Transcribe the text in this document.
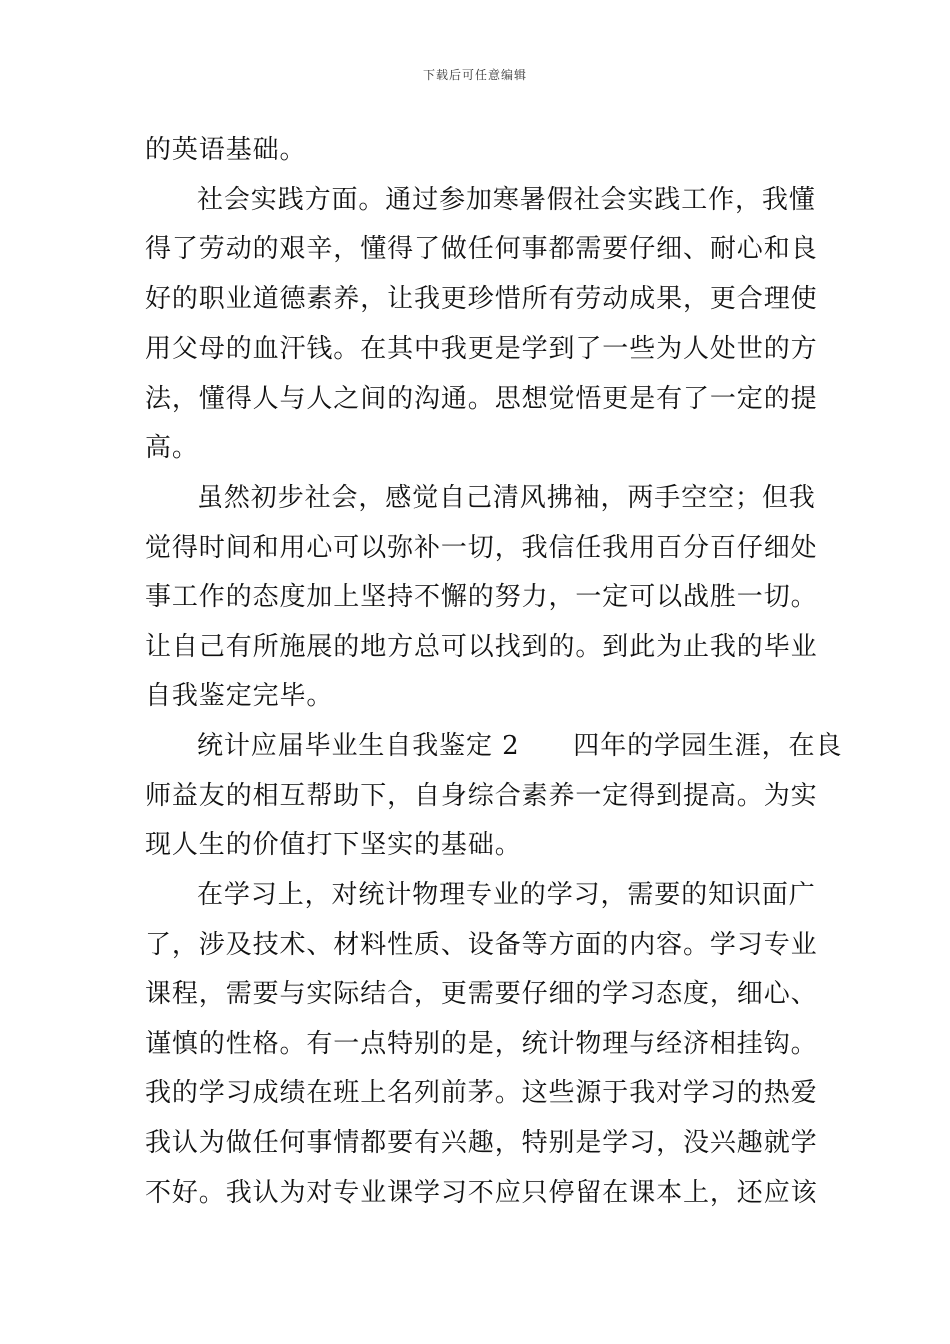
下载后可任意编辑
的英语基础。
社会实践方面。通过参加寒暑假社会实践工作，我懂
得了劳动的艰辛，懂得了做任何事都需要仔细、耐心和良
好的职业道德素养，让我更珍惜所有劳动成果，更合理使
用父母的血汗钱。在其中我更是学到了一些为人处世的方
法，懂得人与人之间的沟通。思想觉悟更是有了一定的提
高。
虽然初步社会，感觉自己清风拂袖，两手空空；但我
觉得时间和用心可以弥补一切，我信任我用百分百仔细处
事工作的态度加上坚持不懈的努力，一定可以战胜一切。
让自己有所施展的地方总可以找到的。到此为止我的毕业
自我鉴定完毕。
统计应届毕业生自我鉴定 2　　四年的学园生涯，在良
师益友的相互帮助下，自身综合素养一定得到提高。为实
现人生的价值打下坚实的基础。
在学习上，对统计物理专业的学习，需要的知识面广
了，涉及技术、材料性质、设备等方面的内容。学习专业
课程，需要与实际结合，更需要仔细的学习态度，细心、
谨慎的性格。有一点特别的是，统计物理与经济相挂钩。
我的学习成绩在班上名列前茅。这些源于我对学习的热爱
我认为做任何事情都要有兴趣，特别是学习，没兴趣就学
不好。我认为对专业课学习不应只停留在课本上，还应该
